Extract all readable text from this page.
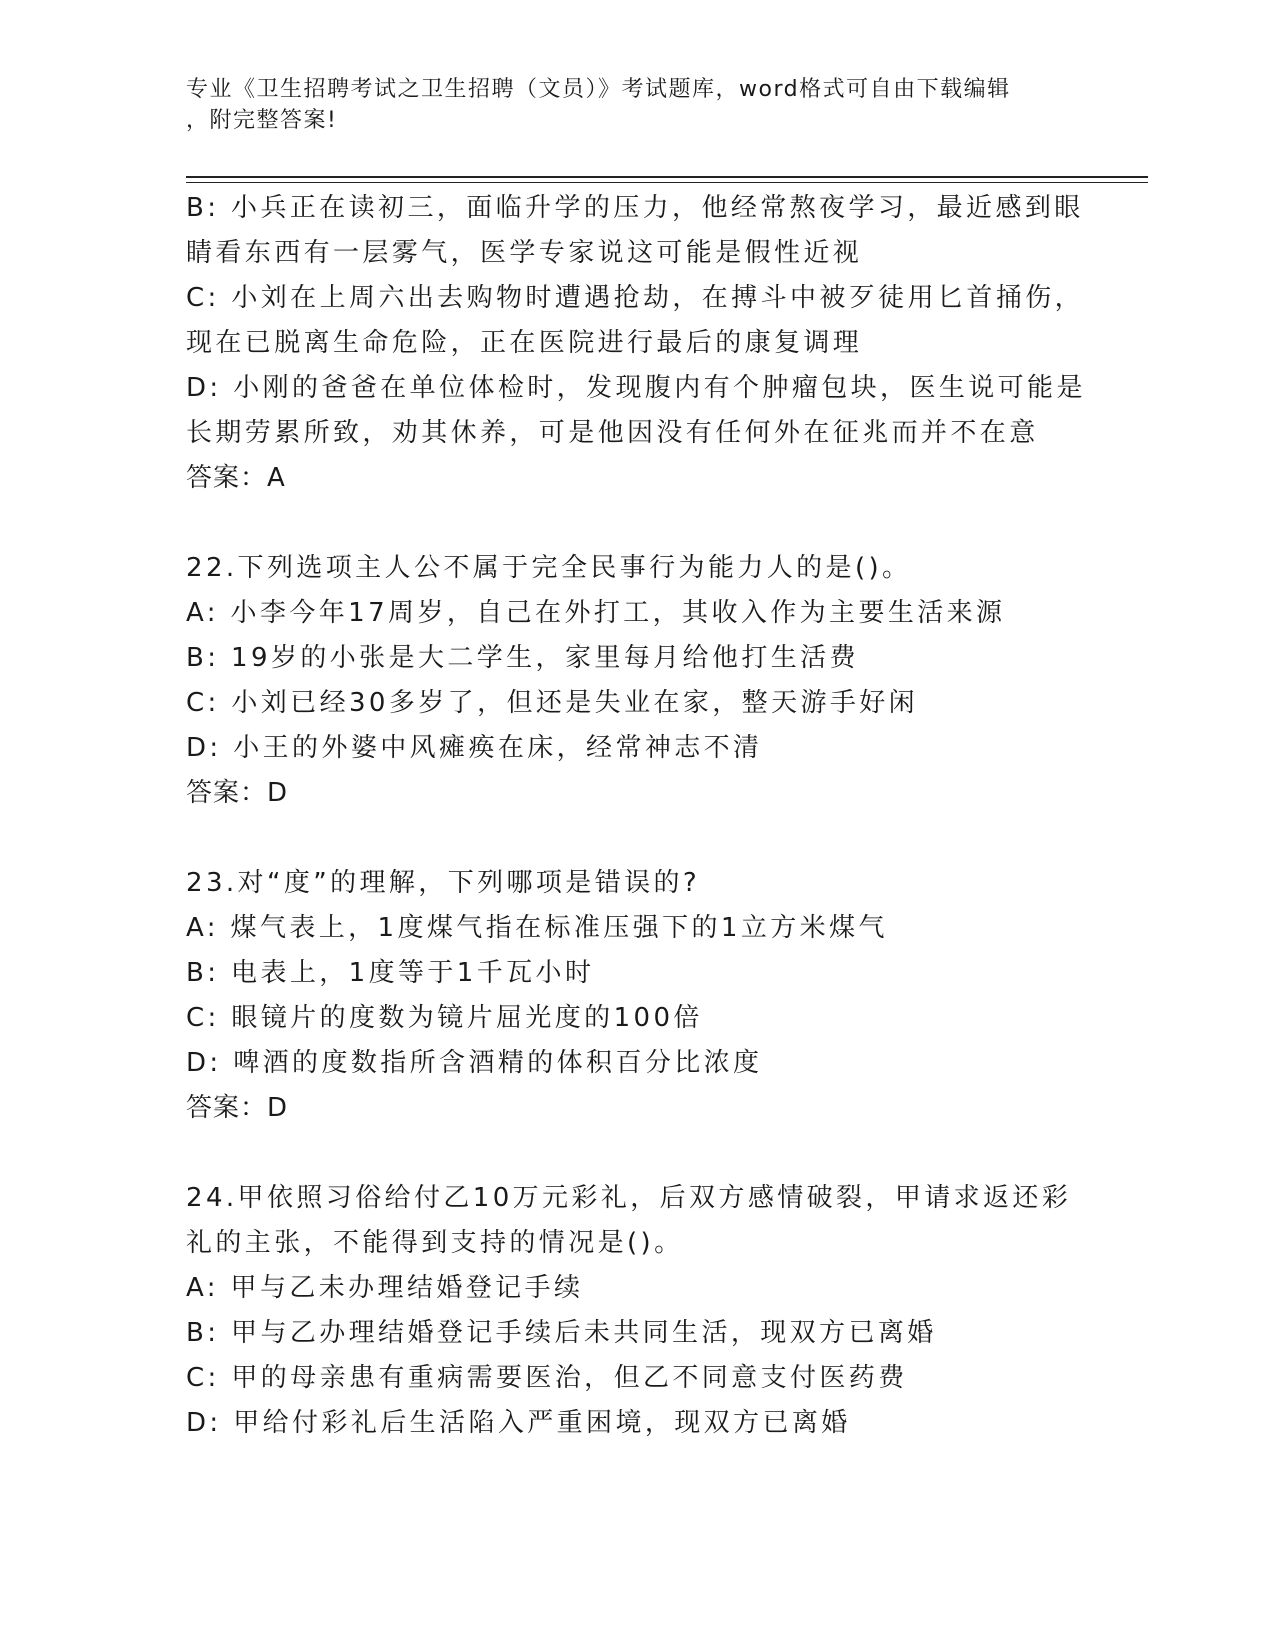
专业《卫生招聘考试之卫生招聘（文员）》考试题库，word格式可自由下载编辑
，附完整答案!
B: 小兵正在读初三，面临升学的压力，他经常熬夜学习，最近感到眼
睛看东西有一层雾气，医学专家说这可能是假性近视
C: 小刘在上周六出去购物时遭遇抢劫，在搏斗中被歹徒用匕首捅伤，
现在已脱离生命危险，正在医院进行最后的康复调理
D: 小刚的爸爸在单位体检时，发现腹内有个肿瘤包块，医生说可能是
长期劳累所致，劝其休养，可是他因没有任何外在征兆而并不在意
答案：A
22.下列选项主人公不属于完全民事行为能力人的是()。
A: 小李今年17周岁，自己在外打工，其收入作为主要生活来源
B: 19岁的小张是大二学生，家里每月给他打生活费
C: 小刘已经30多岁了，但还是失业在家，整天游手好闲
D: 小王的外婆中风瘫痪在床，经常神志不清
答案：D
23.对“度”的理解，下列哪项是错误的?
A: 煤气表上，1度煤气指在标准压强下的1立方米煤气
B: 电表上，1度等于1千瓦小时
C: 眼镜片的度数为镜片屈光度的100倍
D: 啤酒的度数指所含酒精的体积百分比浓度
答案：D
24.甲依照习俗给付乙10万元彩礼，后双方感情破裂，甲请求返还彩
礼的主张，不能得到支持的情况是()。
A: 甲与乙未办理结婚登记手续
B: 甲与乙办理结婚登记手续后未共同生活，现双方已离婚
C: 甲的母亲患有重病需要医治，但乙不同意支付医药费
D: 甲给付彩礼后生活陷入严重困境，现双方已离婚
